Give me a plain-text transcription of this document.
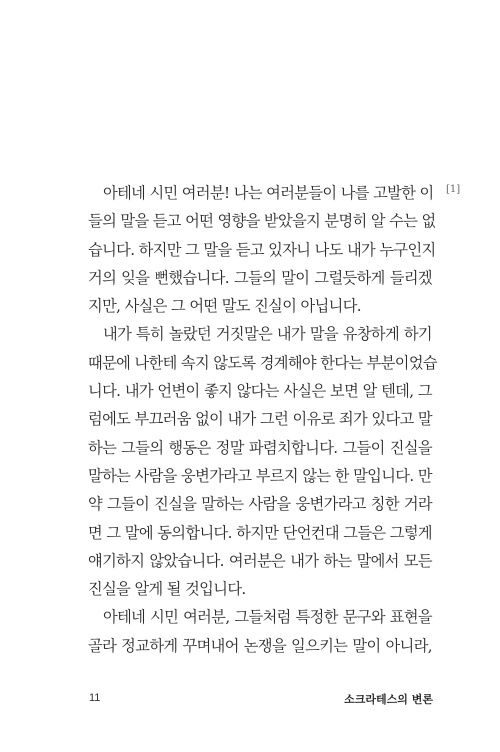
[1]
아테네 시민 여러분! 나는 여러분들이 나를 고발한 이
들의 말을 듣고 어떤 영향을 받았을지 분명히 알 수는 없
습니다. 하지만 그 말을 듣고 있자니 나도 내가 누구인지
거의 잊을 뻔했습니다. 그들의 말이 그럴듯하게 들리겠
지만, 사실은 그 어떤 말도 진실이 아닙니다.
내가 특히 놀랐던 거짓말은 내가 말을 유창하게 하기
때문에 나한테 속지 않도록 경계해야 한다는 부분이었습
니다. 내가 언변이 좋지 않다는 사실은 보면 알 텐데, 그
럼에도 부끄러움 없이 내가 그런 이유로 죄가 있다고 말
하는 그들의 행동은 정말 파렴치합니다. 그들이 진실을
말하는 사람을 웅변가라고 부르지 않는 한 말입니다. 만
약 그들이 진실을 말하는 사람을 웅변가라고 칭한 거라
면 그 말에 동의합니다. 하지만 단언컨대 그들은 그렇게
얘기하지 않았습니다. 여러분은 내가 하는 말에서 모든
진실을 알게 될 것입니다.
아테네 시민 여러분, 그들처럼 특정한 문구와 표현을
골라 정교하게 꾸며내어 논쟁을 일으키는 말이 아니라,
11	소크라테스의 변론
